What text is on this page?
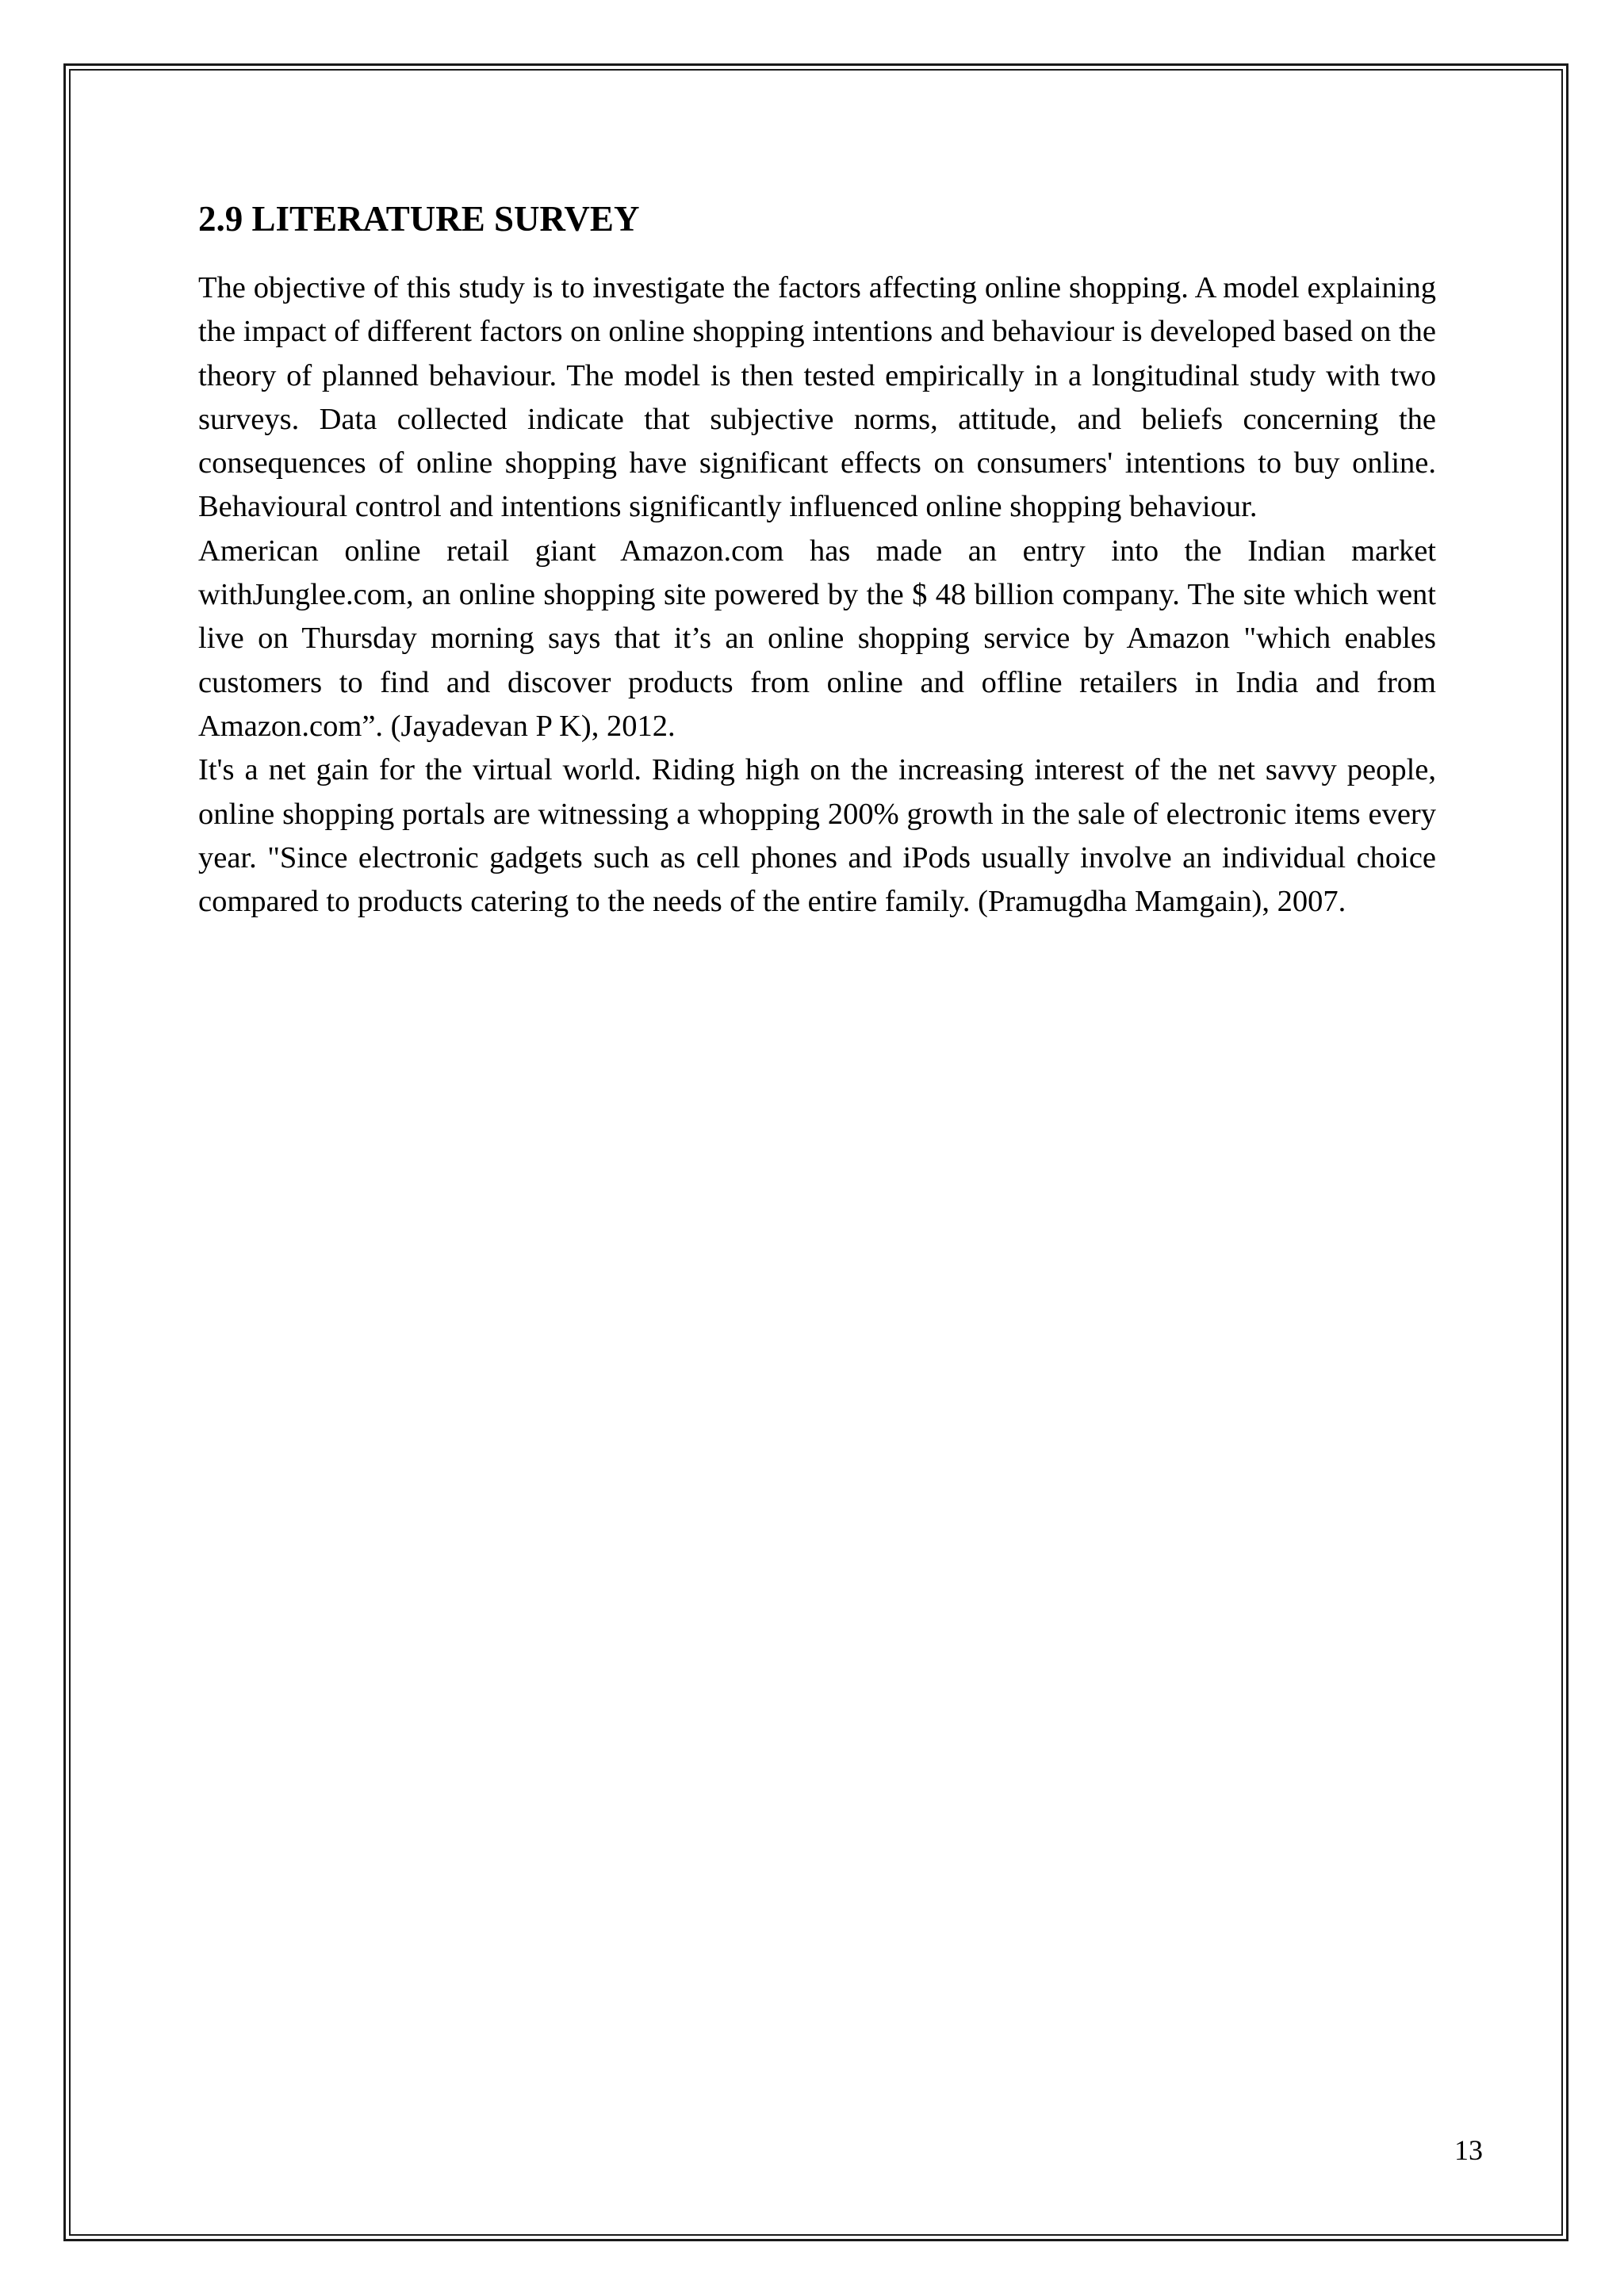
2.9 LITERATURE SURVEY

The objective of this study is to investigate the factors affecting online shopping. A model explaining the impact of different factors on online shopping intentions and behaviour is developed based on the theory of planned behaviour. The model is then tested empirically in a longitudinal study with two surveys. Data collected indicate that subjective norms, attitude, and beliefs concerning the consequences of online shopping have significant effects on consumers' intentions to buy online. Behavioural control and intentions significantly influenced online shopping behaviour.

American online retail giant Amazon.com has made an entry into the Indian market withJunglee.com, an online shopping site powered by the $ 48 billion company. The site which went live on Thursday morning says that it’s an online shopping service by Amazon "which enables customers to find and discover products from online and offline retailers in India and from Amazon.com”. (Jayadevan P K), 2012.

It's a net gain for the virtual world. Riding high on the increasing interest of the net savvy people, online shopping portals are witnessing a whopping 200% growth in the sale of electronic items every year. "Since electronic gadgets such as cell phones and iPods usually involve an individual choice compared to products catering to the needs of the entire family. (Pramugdha Mamgain), 2007.

13
